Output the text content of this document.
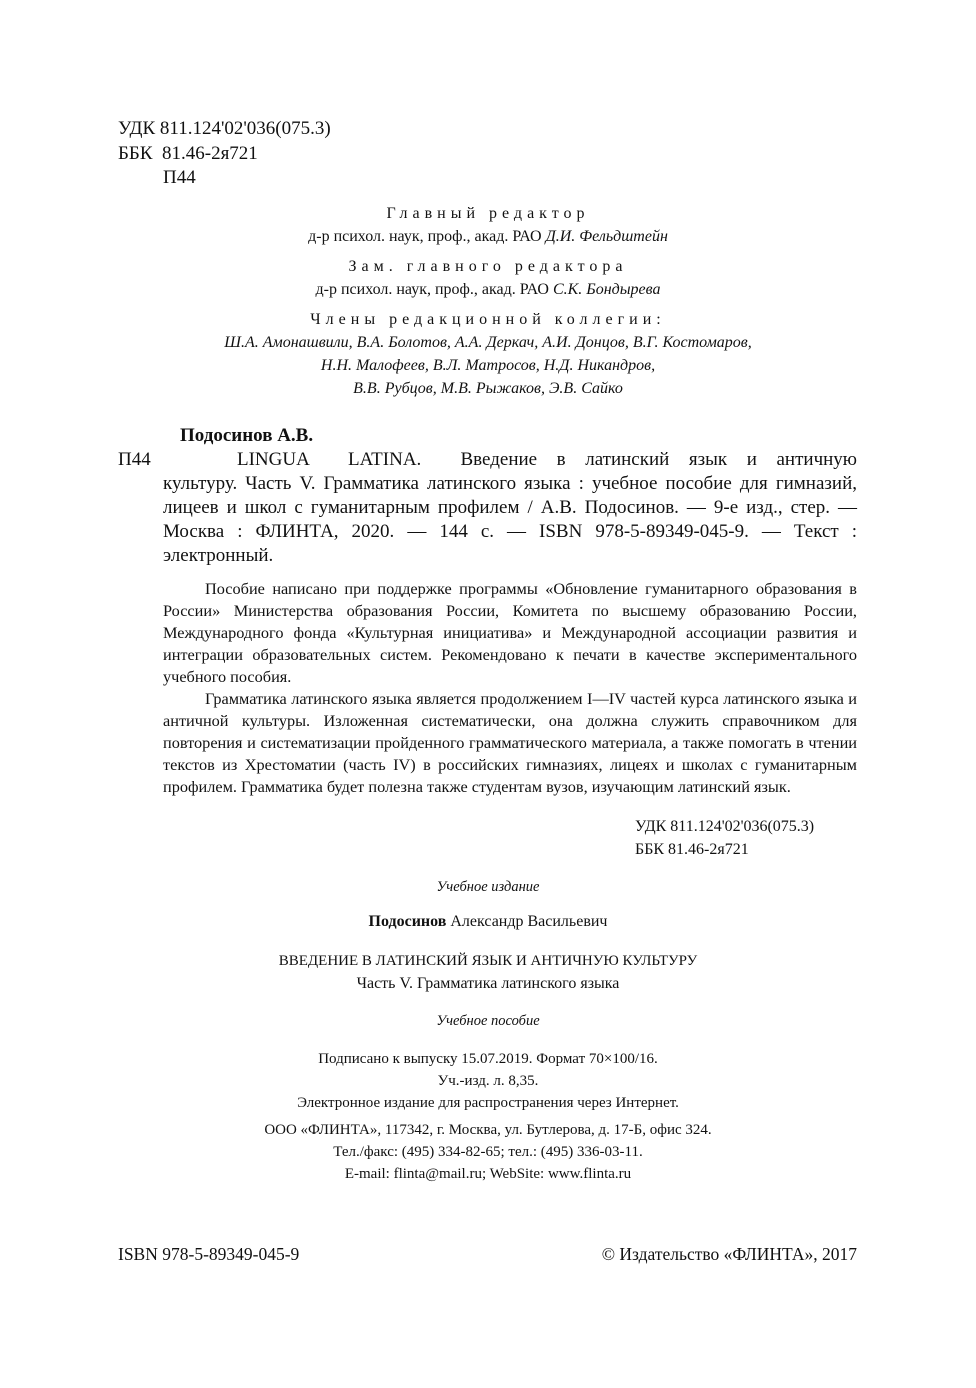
УДК 811.124'02'036(075.3)
ББК  81.46-2я721
П44
Главный редактор
д-р психол. наук, проф., акад. РАО Д.И. Фельдштейн
Зам. главного редактора
д-р психол. наук, проф., акад. РАО С.К. Бондырева
Члены редакционной коллегии:
Ш.А. Амонашвили, В.А. Болотов, А.А. Деркач, А.И. Донцов, В.Г. Костомаров,
Н.Н. Малофеев, В.Л. Матросов, Н.Д. Никандров,
В.В. Рубцов, М.В. Рыжаков, Э.В. Сайко
Подосинов А.В.
П44	LINGUA  LATINA.  Введение в латинский язык и античную
культуру. Часть V. Грамматика латинского языка : учебное пособие для гимназий, лицеев и школ с гуманитарным профилем / А.В. Подосинов. — 9-е изд., стер. — Москва : ФЛИНТА, 2020. — 144 с. — ISBN 978-5-89349-045-9. — Текст : электронный.
Пособие написано при поддержке программы «Обновление гуманитарного образования в России» Министерства образования России, Комитета по высшему образованию России, Международного фонда «Культурная инициатива» и Международной ассоциации развития и интеграции образовательных систем. Рекомендовано к печати в качестве экспериментального учебного пособия.
Грамматика латинского языка является продолжением I—IV частей курса латинского языка и античной культуры. Изложенная систематически, она должна служить справочником для повторения и систематизации пройденного грамматического материала, а также помогать в чтении текстов из Хрестоматии (часть IV) в российских гимназиях, лицеях и школах с гуманитарным профилем. Грамматика будет полезна также студентам вузов, изучающим латинский язык.
УДК 811.124'02'036(075.3)
ББК 81.46-2я721
Учебное издание
Подосинов Александр Васильевич
ВВЕДЕНИЕ В ЛАТИНСКИЙ ЯЗЫК И АНТИЧНУЮ КУЛЬТУРУ
Часть V. Грамматика латинского языка
Учебное пособие
Подписано к выпуску 15.07.2019. Формат 70×100/16.
Уч.-изд. л. 8,35.
Электронное издание для распространения через Интернет.
ООО «ФЛИНТА», 117342, г. Москва, ул. Бутлерова, д. 17-Б, офис 324.
Тел./факс: (495) 334-82-65; тел.: (495) 336-03-11.
E-mail: flinta@mail.ru; WebSite: www.flinta.ru
ISBN 978-5-89349-045-9	© Издательство «ФЛИНТА», 2017
